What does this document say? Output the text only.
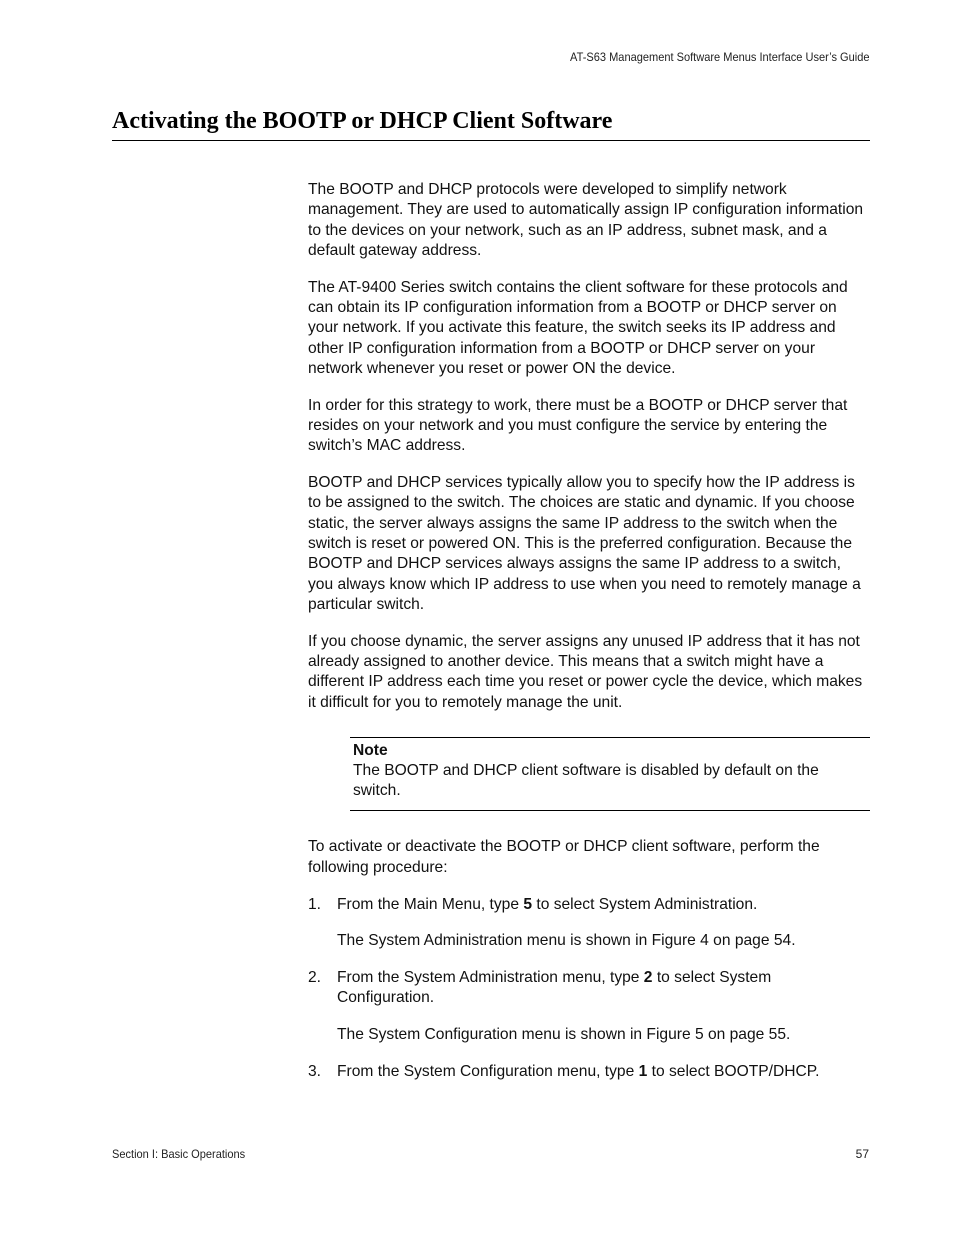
AT-S63 Management Software Menus Interface User’s Guide
Activating the BOOTP or DHCP Client Software

The BOOTP and DHCP protocols were developed to simplify network management. They are used to automatically assign IP configuration information to the devices on your network, such as an IP address, subnet mask, and a default gateway address.

The AT-9400 Series switch contains the client software for these protocols and can obtain its IP configuration information from a BOOTP or DHCP server on your network. If you activate this feature, the switch seeks its IP address and other IP configuration information from a BOOTP or DHCP server on your network whenever you reset or power ON the device.

In order for this strategy to work, there must be a BOOTP or DHCP server that resides on your network and you must configure the service by entering the switch’s MAC address.

BOOTP and DHCP services typically allow you to specify how the IP address is to be assigned to the switch. The choices are static and dynamic. If you choose static, the server always assigns the same IP address to the switch when the switch is reset or powered ON. This is the preferred configuration. Because the BOOTP and DHCP services always assigns the same IP address to a switch, you always know which IP address to use when you need to remotely manage a particular switch.

If you choose dynamic, the server assigns any unused IP address that it has not already assigned to another device. This means that a switch might have a different IP address each time you reset or power cycle the device, which makes it difficult for you to remotely manage the unit.

Note
The BOOTP and DHCP client software is disabled by default on the switch.

To activate or deactivate the BOOTP or DHCP client software, perform the following procedure:

1. From the Main Menu, type 5 to select System Administration.
The System Administration menu is shown in Figure 4 on page 54.
2. From the System Administration menu, type 2 to select System Configuration.
The System Configuration menu is shown in Figure 5 on page 55.
3. From the System Configuration menu, type 1 to select BOOTP/DHCP.
Section I: Basic Operations	57
